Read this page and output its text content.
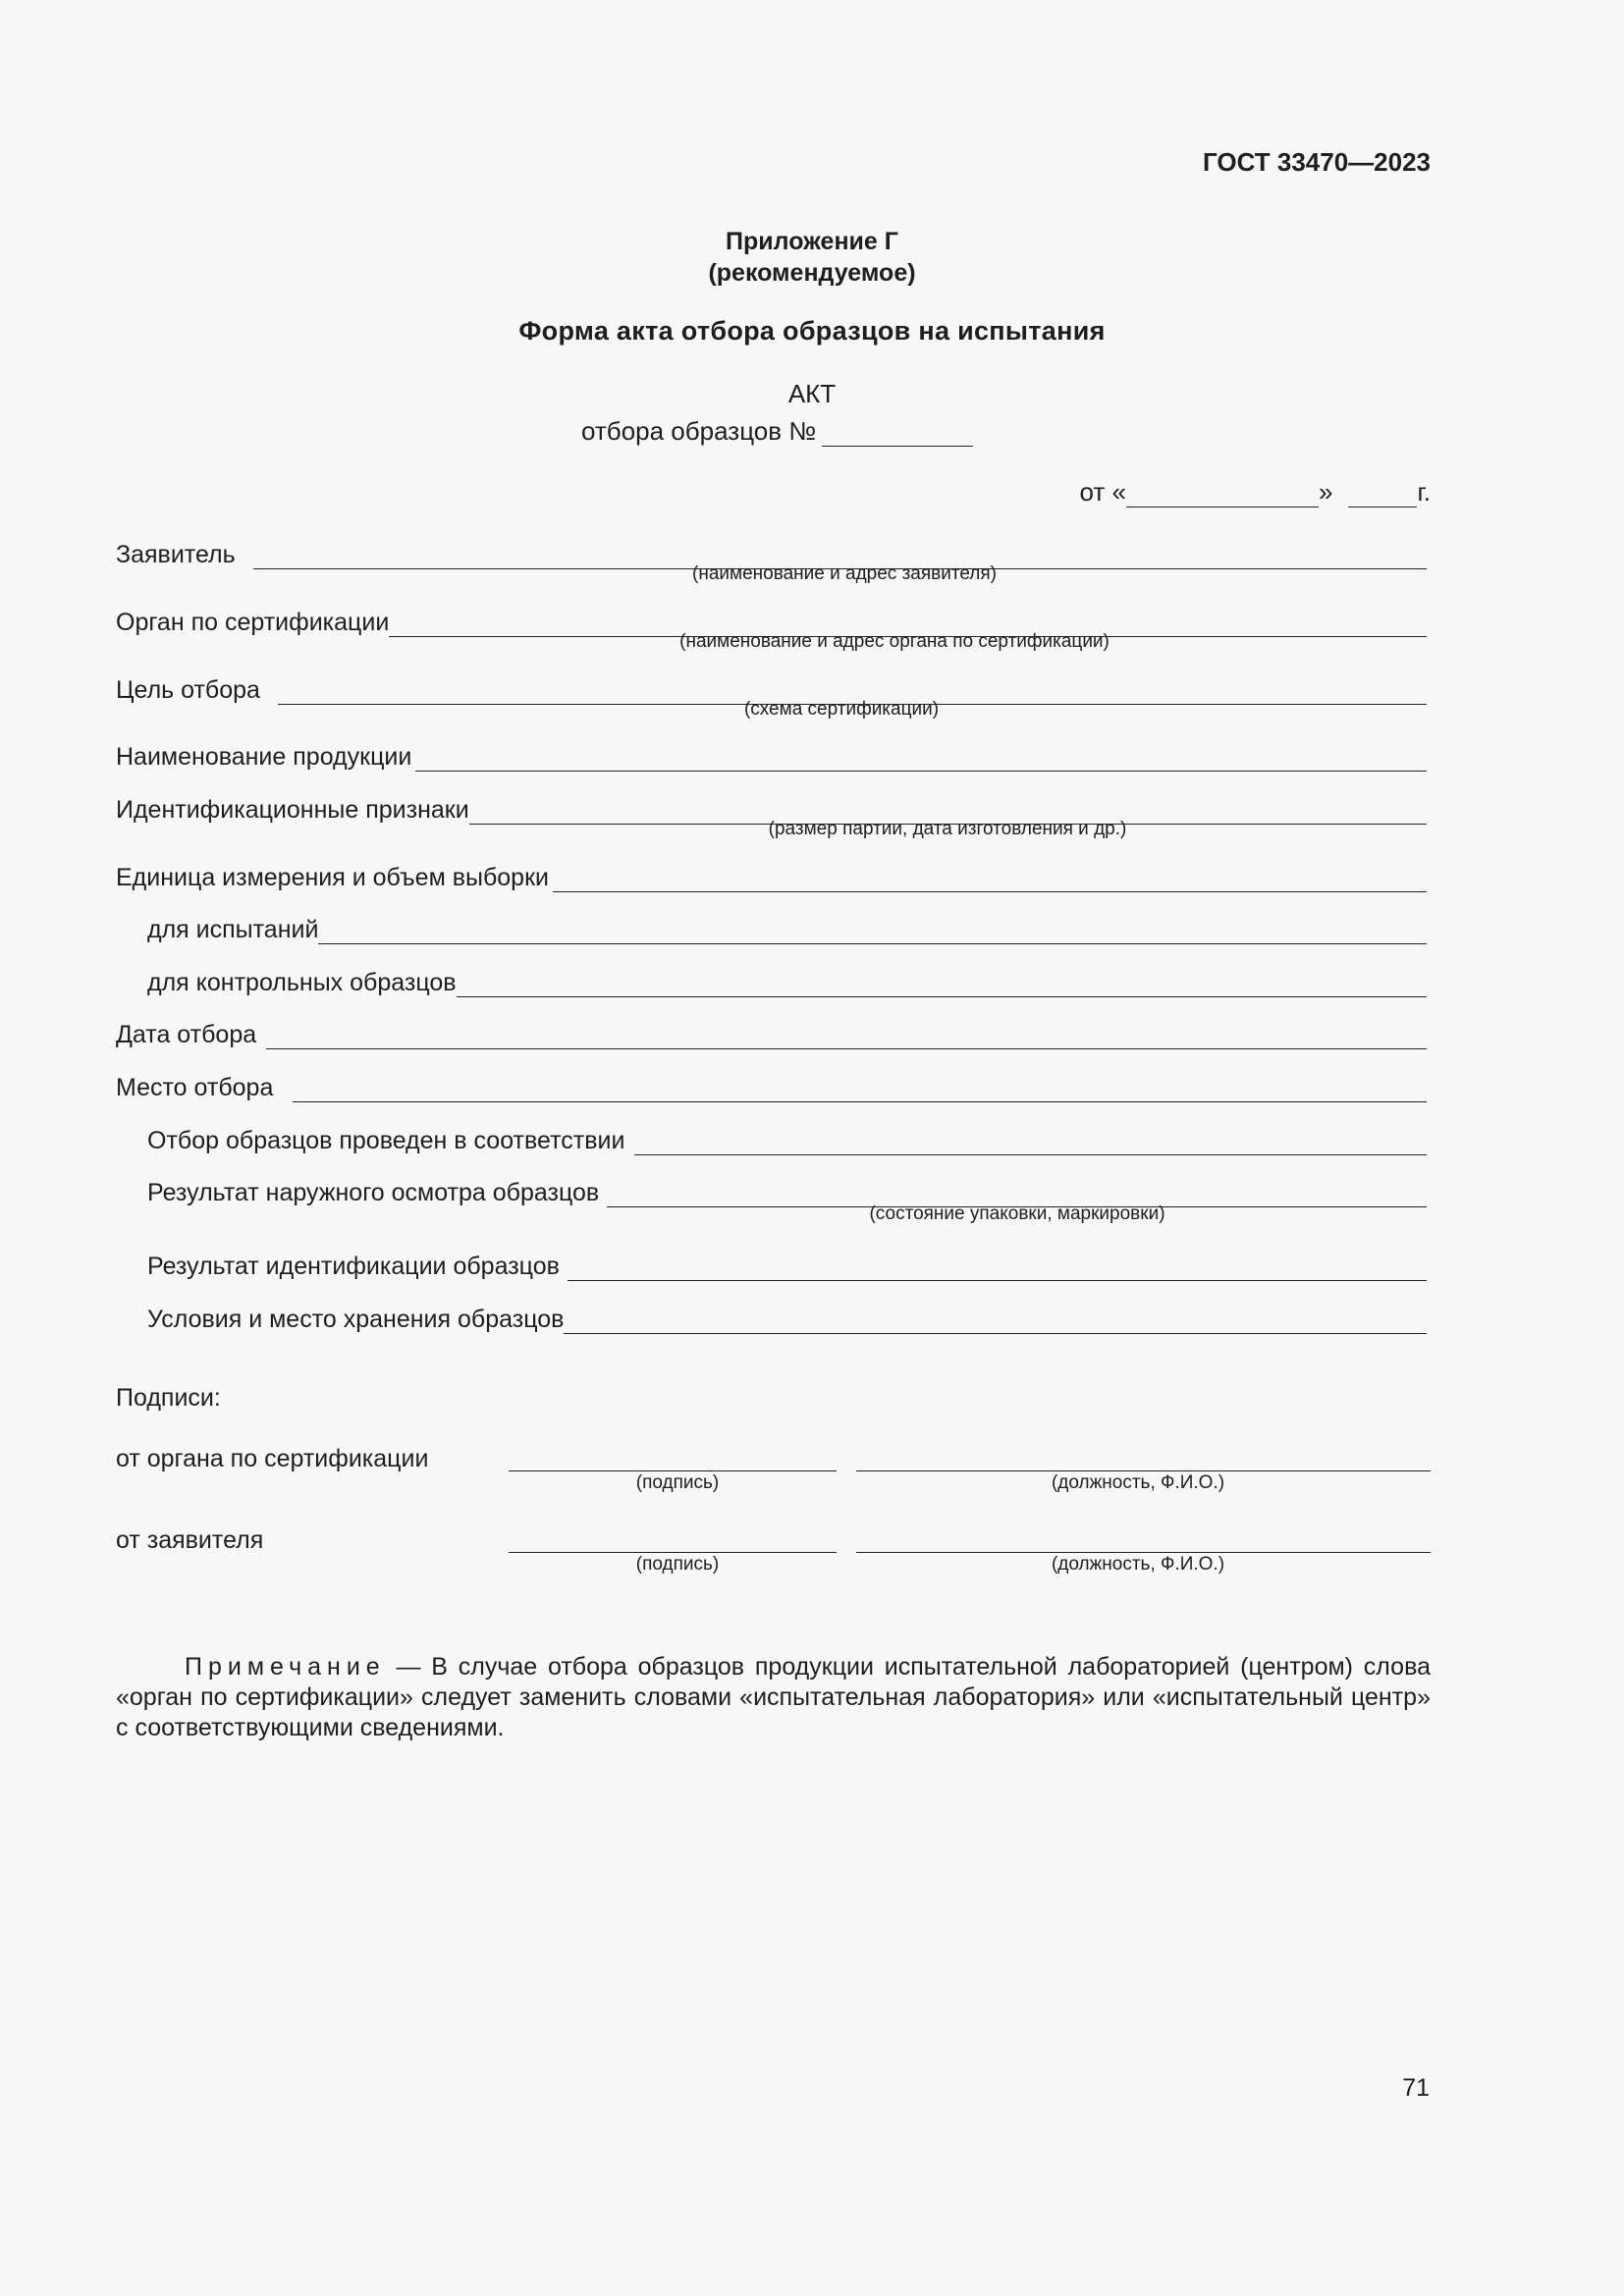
ГОСТ 33470—2023
Приложение Г
(рекомендуемое)
Форма акта отбора образцов на испытания
АКТ
отбора образцов №
от «	»	г.
Заявитель
(наименование и адрес заявителя)
Орган по сертификации
(наименование и адрес органа по сертификации)
Цель отбора
(схема сертификации)
Наименование продукции
Идентификационные признаки
(размер партии, дата изготовления и др.)
Единица измерения и объем выборки
для испытаний
для контрольных образцов
Дата отбора
Место отбора
Отбор образцов проведен в соответствии
Результат наружного осмотра образцов
(состояние упаковки, маркировки)
Результат идентификации образцов
Условия и место хранения образцов
Подписи:
от органа по сертификации
(подпись)	(должность, Ф.И.О.)
от заявителя
(подпись)	(должность, Ф.И.О.)
Примечание — В случае отбора образцов продукции испытательной лабораторией (центром) слова «орган по сертификации» следует заменить словами «испытательная лаборатория» или «испытательный центр» с соответствующими сведениями.
71
